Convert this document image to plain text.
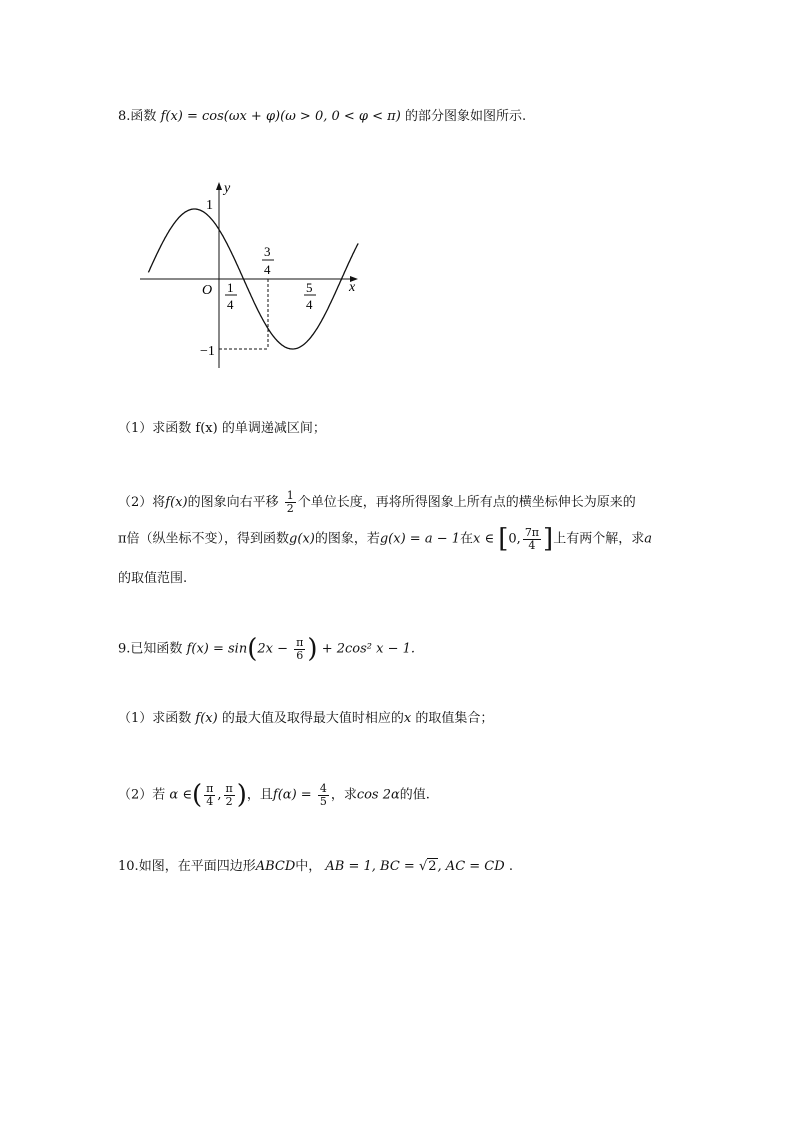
8.函数 f(x) = cos(ωx + φ)(ω > 0, 0 < φ < π) 的部分图象如图所示.
y
x
O
1
−1
1
4
3
4
5
4
（1）求函数 f(x) 的单调递减区间；
（2）将f(x)的图象向右平移 $\frac{1}{2}$ 个单位长度，再将所得图象上所有点的横坐标伸长为原来的
π倍（纵坐标不变），得到函数g(x)的图象，若g(x) = a − 1在x ∈ [0, $\frac{7\pi}{4}$ ]上有两个解，求a
的取值范围.
9.已知函数 $f(x) = \sin(2x - \frac{\pi}{6}$ ) + 2cos² x − 1.
（1）求函数 f(x) 的最大值及取得最大值时相应的x 的取值集合；
（2）若 α ∈( $\frac{\pi}{4}$ , $\frac{\pi}{2}$ )，且$f(\alpha) = \frac{4}{5}$ ，求cos 2α的值.
10.如图，在平面四边形ABCD中， AB = 1, BC = √2, AC = CD .
